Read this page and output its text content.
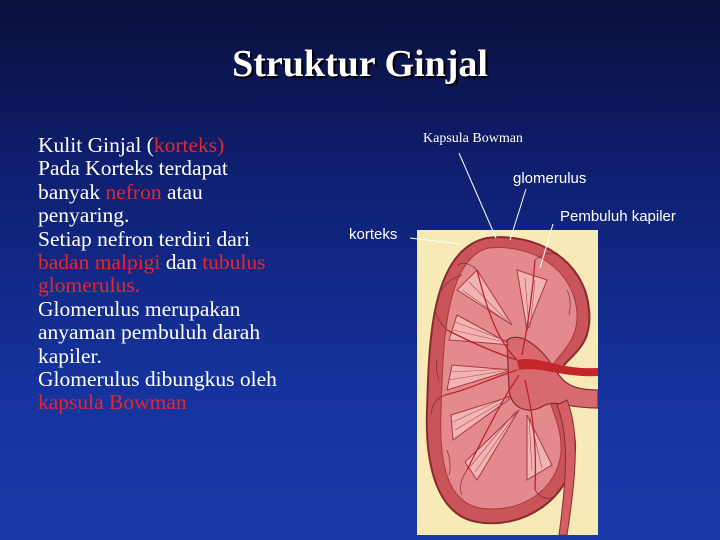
Struktur Ginjal
Kulit Ginjal (korteks)
Pada Korteks terdapat
banyak nefron atau
penyaring.
Setiap nefron terdiri dari
badan malpigi dan tubulus
glomerulus.
Glomerulus merupakan
anyaman pembuluh darah
kapiler.
Glomerulus dibungkus oleh
kapsula Bowman
Kapsula Bowman
glomerulus
Pembuluh kapiler
korteks
